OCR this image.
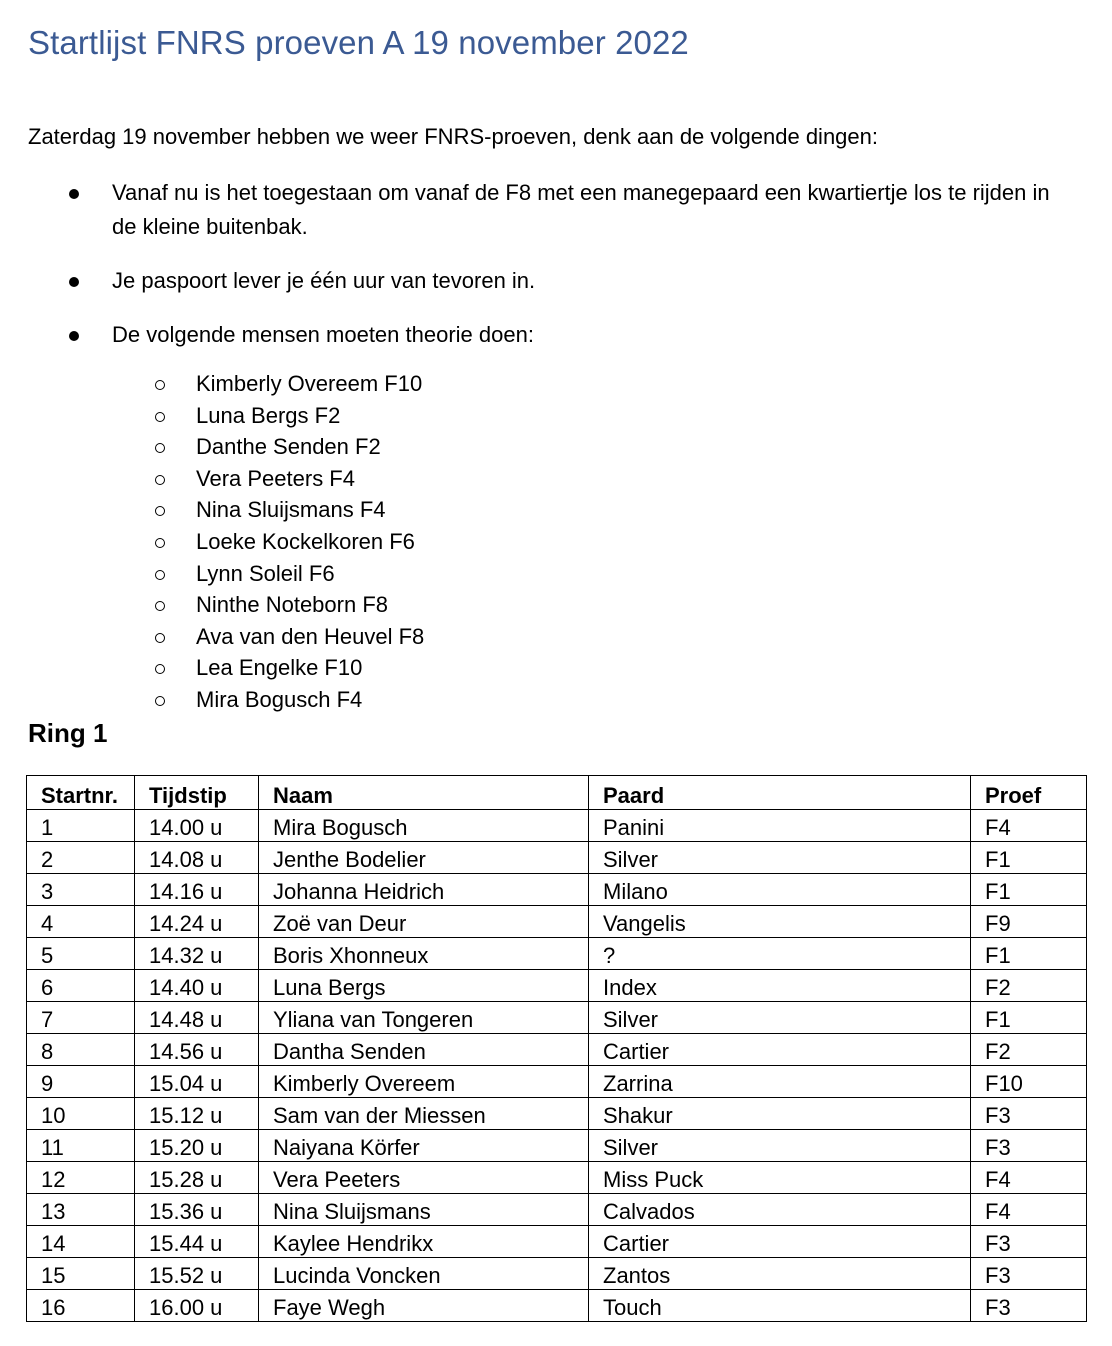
Startlijst FNRS proeven A 19 november 2022
Zaterdag 19 november hebben we weer FNRS-proeven, denk aan de volgende dingen:
Vanaf nu is het toegestaan om vanaf de F8 met een manegepaard een kwartiertje los te rijden in de kleine buitenbak.
Je paspoort lever je één uur van tevoren in.
De volgende mensen moeten theorie doen:
Kimberly Overeem F10
Luna Bergs F2
Danthe Senden F2
Vera Peeters F4
Nina Sluijsmans F4
Loeke Kockelkoren F6
Lynn Soleil F6
Ninthe Noteborn F8
Ava van den Heuvel F8
Lea Engelke F10
Mira Bogusch F4
Ring 1
Startnr.	Tijdstip	Naam	Paard	Proef
1	14.00 u	Mira Bogusch	Panini	F4
2	14.08 u	Jenthe Bodelier	Silver	F1
3	14.16 u	Johanna Heidrich	Milano	F1
4	14.24 u	Zoë van Deur	Vangelis	F9
5	14.32 u	Boris Xhonneux	?	F1
6	14.40 u	Luna Bergs	Index	F2
7	14.48 u	Yliana van Tongeren	Silver	F1
8	14.56 u	Dantha Senden	Cartier	F2
9	15.04 u	Kimberly Overeem	Zarrina	F10
10	15.12 u	Sam van der Miessen	Shakur	F3
11	15.20 u	Naiyana Körfer	Silver	F3
12	15.28 u	Vera Peeters	Miss Puck	F4
13	15.36 u	Nina Sluijsmans	Calvados	F4
14	15.44 u	Kaylee Hendrikx	Cartier	F3
15	15.52 u	Lucinda Voncken	Zantos	F3
16	16.00 u	Faye Wegh	Touch	F3
